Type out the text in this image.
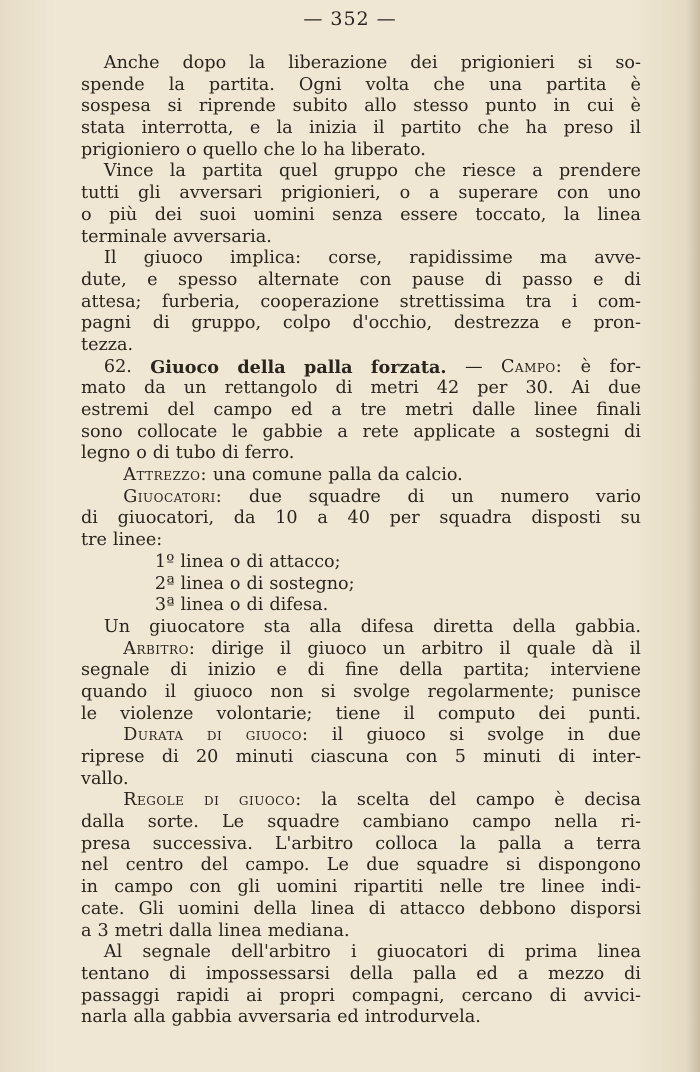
— 352 —
Anche dopo la liberazione dei prigionieri si so-
spende la partita. Ogni volta che una partita è
sospesa si riprende subito allo stesso punto in cui è
stata interrotta, e la inizia il partito che ha preso il
prigioniero o quello che lo ha liberato.
Vince la partita quel gruppo che riesce a prendere
tutti gli avversari prigionieri, o a superare con uno
o più dei suoi uomini senza essere toccato, la linea
terminale avversaria.
Il giuoco implica: corse, rapidissime ma avve-
dute, e spesso alternate con pause di passo e di
attesa; furberia, cooperazione strettissima tra i com-
pagni di gruppo, colpo d'occhio, destrezza e pron-
tezza.
62. Giuoco della palla forzata. — Campo: è for-
mato da un rettangolo di metri 42 per 30. Ai due
estremi del campo ed a tre metri dalle linee finali
sono collocate le gabbie a rete applicate a sostegni di
legno o di tubo di ferro.
Attrezzo: una comune palla da calcio.
Giuocatori: due squadre di un numero vario
di giuocatori, da 10 a 40 per squadra disposti su
tre linee:
1º linea o di attacco;
2ª linea o di sostegno;
3ª linea o di difesa.
Un giuocatore sta alla difesa diretta della gabbia.
Arbitro: dirige il giuoco un arbitro il quale dà il
segnale di inizio e di fine della partita; interviene
quando il giuoco non si svolge regolarmente; punisce
le violenze volontarie; tiene il computo dei punti.
Durata di giuoco: il giuoco si svolge in due
riprese di 20 minuti ciascuna con 5 minuti di inter-
vallo.
Regole di giuoco: la scelta del campo è decisa
dalla sorte. Le squadre cambiano campo nella ri-
presa successiva. L'arbitro colloca la palla a terra
nel centro del campo. Le due squadre si dispongono
in campo con gli uomini ripartiti nelle tre linee indi-
cate. Gli uomini della linea di attacco debbono disporsi
a 3 metri dalla linea mediana.
Al segnale dell'arbitro i giuocatori di prima linea
tentano di impossessarsi della palla ed a mezzo di
passaggi rapidi ai propri compagni, cercano di avvici-
narla alla gabbia avversaria ed introdurvela.
